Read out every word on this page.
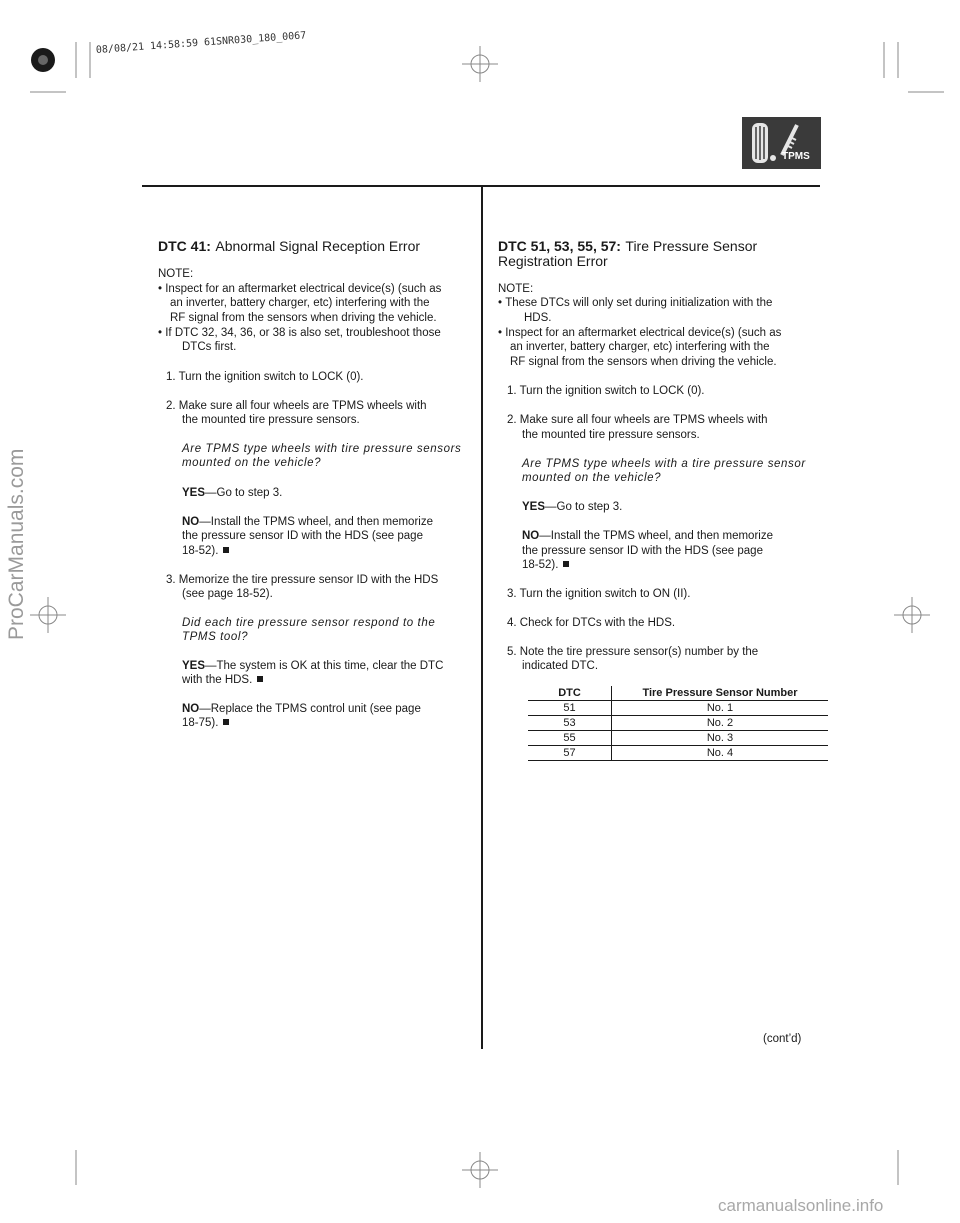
08/08/21 14:58:59 61SNR030_180_0067
TPMS
DTC 41: Abnormal Signal Reception Error
NOTE:
• Inspect for an aftermarket electrical device(s) (such as
an inverter, battery charger, etc) interfering with the
RF signal from the sensors when driving the vehicle.
• If DTC 32, 34, 36, or 38 is also set, troubleshoot those
DTCs first.
1. Turn the ignition switch to LOCK (0).
2. Make sure all four wheels are TPMS wheels with
the mounted tire pressure sensors.
Are TPMS type wheels with tire pressure sensors
mounted on the vehicle?
YES—Go to step 3.
NO—Install the TPMS wheel, and then memorize
the pressure sensor ID with the HDS (see page
18-52).
3. Memorize the tire pressure sensor ID with the HDS
(see page 18-52).
Did each tire pressure sensor respond to the
TPMS tool?
YES—The system is OK at this time, clear the DTC
with the HDS.
NO—Replace the TPMS control unit (see page
18-75).
DTC 51, 53, 55, 57: Tire Pressure Sensor
Registration Error
NOTE:
• These DTCs will only set during initialization with the
HDS.
• Inspect for an aftermarket electrical device(s) (such as
an inverter, battery charger, etc) interfering with the
RF signal from the sensors when driving the vehicle.
1. Turn the ignition switch to LOCK (0).
2. Make sure all four wheels are TPMS wheels with
the mounted tire pressure sensors.
Are TPMS type wheels with a tire pressure sensor
mounted on the vehicle?
YES—Go to step 3.
NO—Install the TPMS wheel, and then memorize
the pressure sensor ID with the HDS (see page
18-52).
3. Turn the ignition switch to ON (II).
4. Check for DTCs with the HDS.
5. Note the tire pressure sensor(s) number by the
indicated DTC.
DTC	Tire Pressure Sensor Number
51	No. 1
53	No. 2
55	No. 3
57	No. 4
(cont’d)
ProCarManuals.com
carmanualsonline.info
